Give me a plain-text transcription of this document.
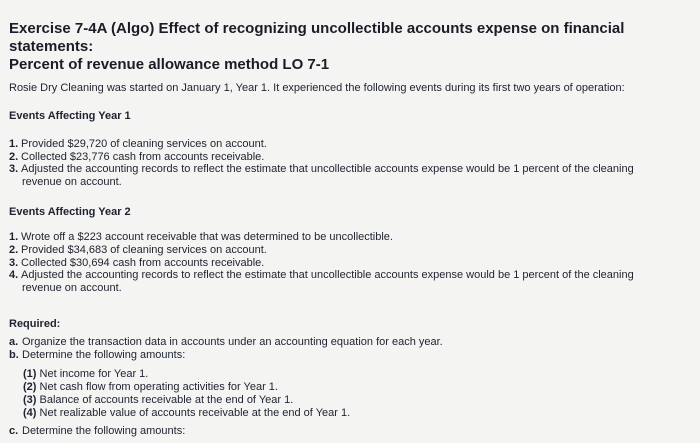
Exercise 7-4A (Algo) Effect of recognizing uncollectible accounts expense on financial statements:
Percent of revenue allowance method LO 7-1
Rosie Dry Cleaning was started on January 1, Year 1. It experienced the following events during its first two years of operation:
Events Affecting Year 1
1. Provided $29,720 of cleaning services on account.
2. Collected $23,776 cash from accounts receivable.
3. Adjusted the accounting records to reflect the estimate that uncollectible accounts expense would be 1 percent of the cleaning
revenue on account.
Events Affecting Year 2
1. Wrote off a $223 account receivable that was determined to be uncollectible.
2. Provided $34,683 of cleaning services on account.
3. Collected $30,694 cash from accounts receivable.
4. Adjusted the accounting records to reflect the estimate that uncollectible accounts expense would be 1 percent of the cleaning
revenue on account.
Required:
a. Organize the transaction data in accounts under an accounting equation for each year.
b. Determine the following amounts:
(1) Net income for Year 1.
(2) Net cash flow from operating activities for Year 1.
(3) Balance of accounts receivable at the end of Year 1.
(4) Net realizable value of accounts receivable at the end of Year 1.
c. Determine the following amounts:
